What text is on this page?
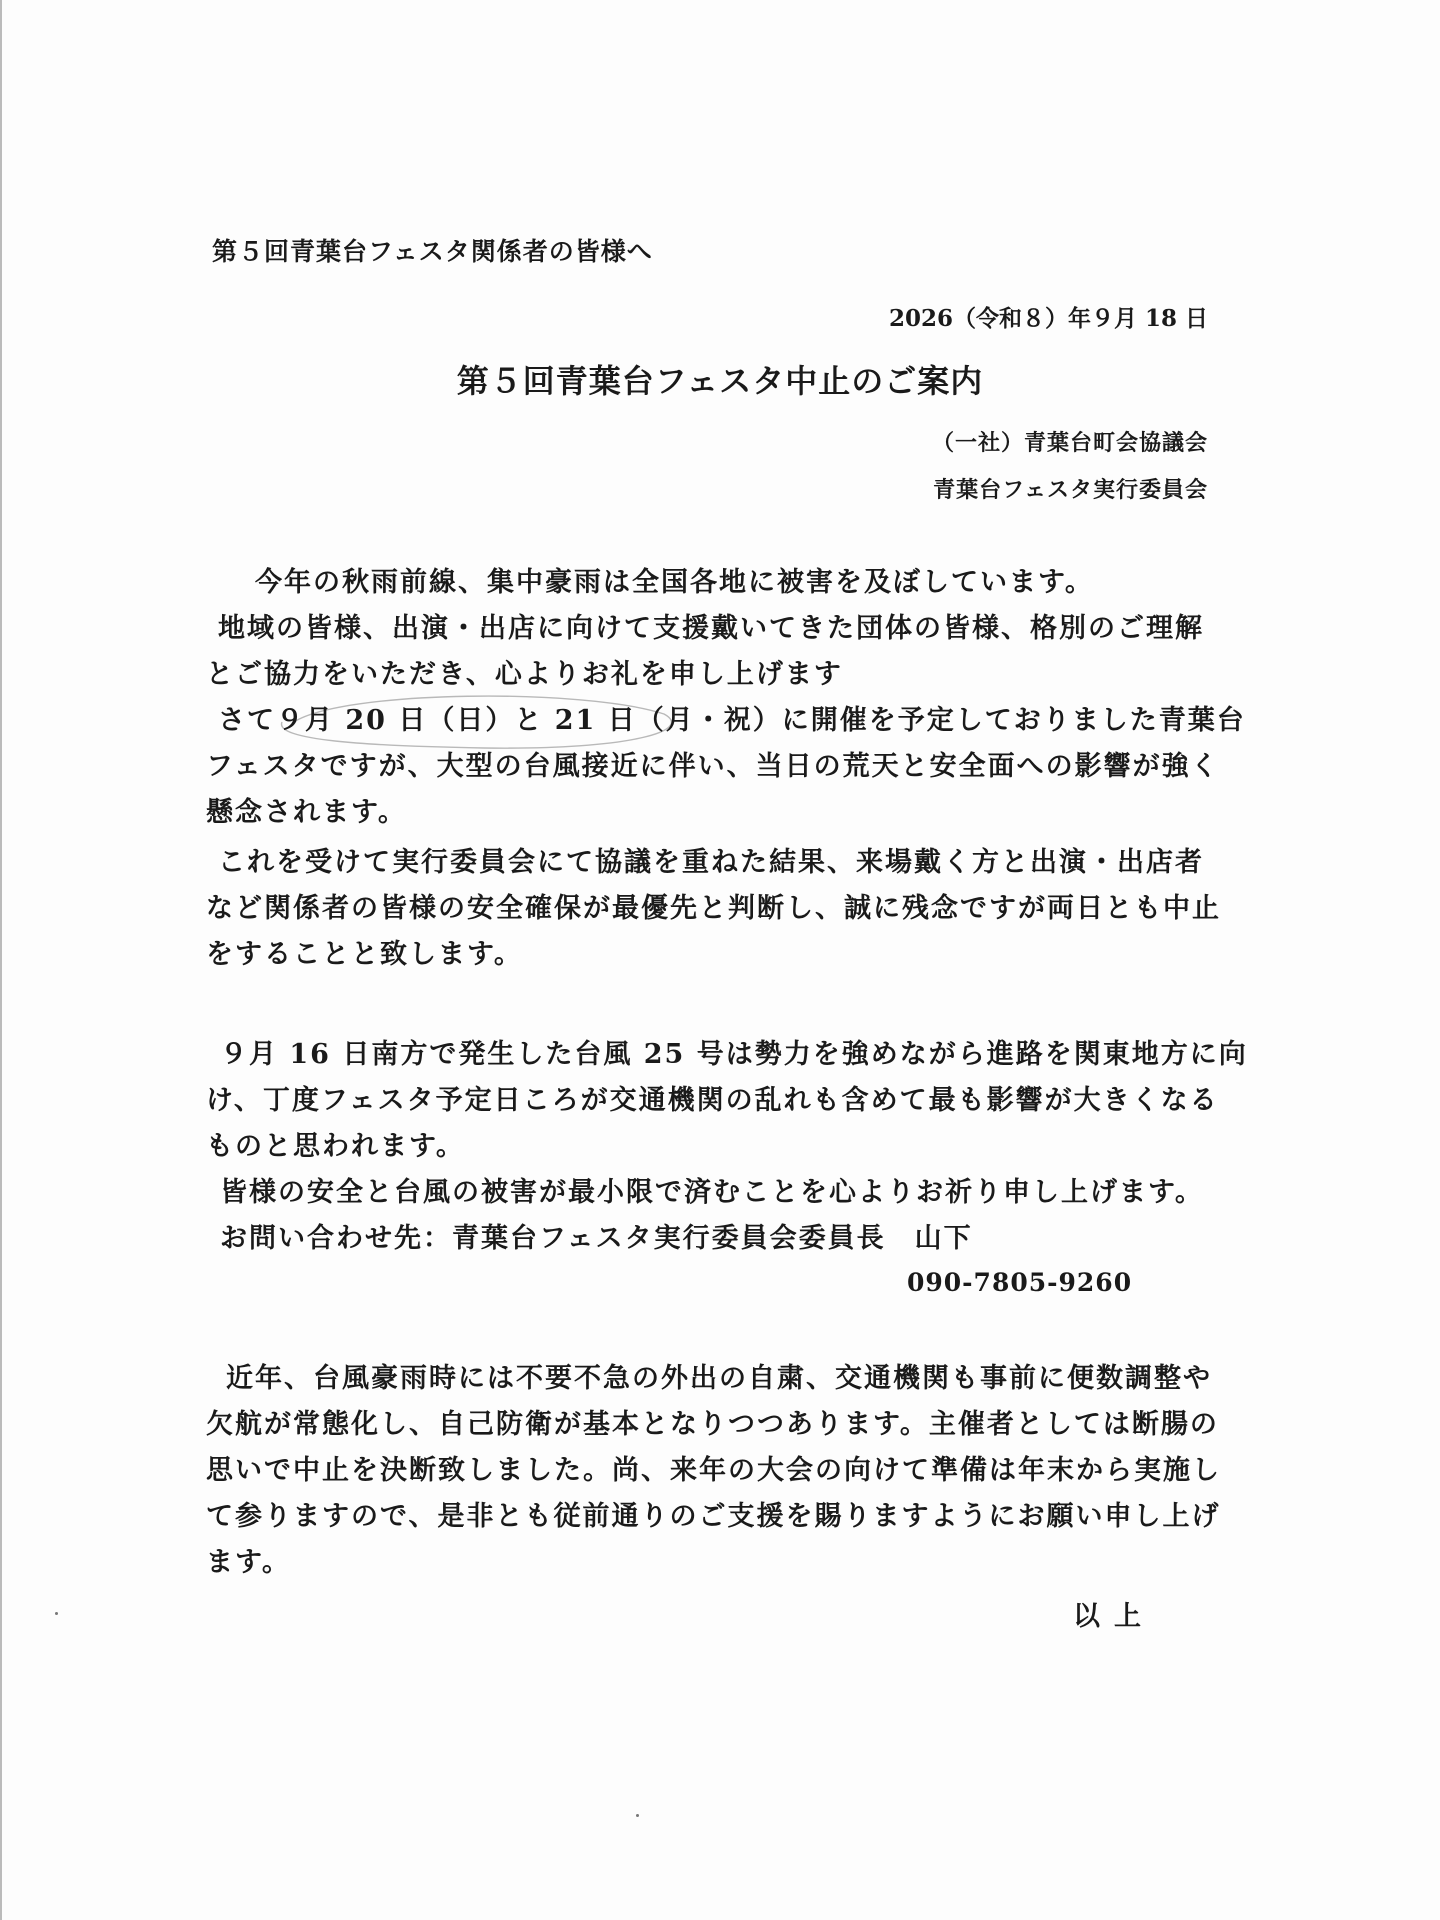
第５回青葉台フェスタ関係者の皆様へ
2026（令和８）年９月 18 日
第５回青葉台フェスタ中止のご案内
（一社）青葉台町会協議会
青葉台フェスタ実行委員会
　今年の秋雨前線、集中豪雨は全国各地に被害を及ぼしています。
地域の皆様、出演・出店に向けて支援戴いてきた団体の皆様、格別のご理解
とご協力をいただき、心よりお礼を申し上げます
さて９月 20 日（日）と 21 日（月・祝）に開催を予定しておりました青葉台
フェスタですが、大型の台風接近に伴い、当日の荒天と安全面への影響が強く
懸念されます。
これを受けて実行委員会にて協議を重ねた結果、来場戴く方と出演・出店者
など関係者の皆様の安全確保が最優先と判断し、誠に残念ですが両日とも中止
をすることと致します。
９月 16 日南方で発生した台風 25 号は勢力を強めながら進路を関東地方に向
け、丁度フェスタ予定日ころが交通機関の乱れも含めて最も影響が大きくなる
ものと思われます。
皆様の安全と台風の被害が最小限で済むことを心よりお祈り申し上げます。
お問い合わせ先：青葉台フェスタ実行委員会委員長　山下
近年、台風豪雨時には不要不急の外出の自粛、交通機関も事前に便数調整や
欠航が常態化し、自己防衛が基本となりつつあります。主催者としては断腸の
思いで中止を決断致しました。尚、来年の大会の向けて準備は年末から実施し
て参りますので、是非とも従前通りのご支援を賜りますようにお願い申し上げ
ます。
090-7805-9260
以上
